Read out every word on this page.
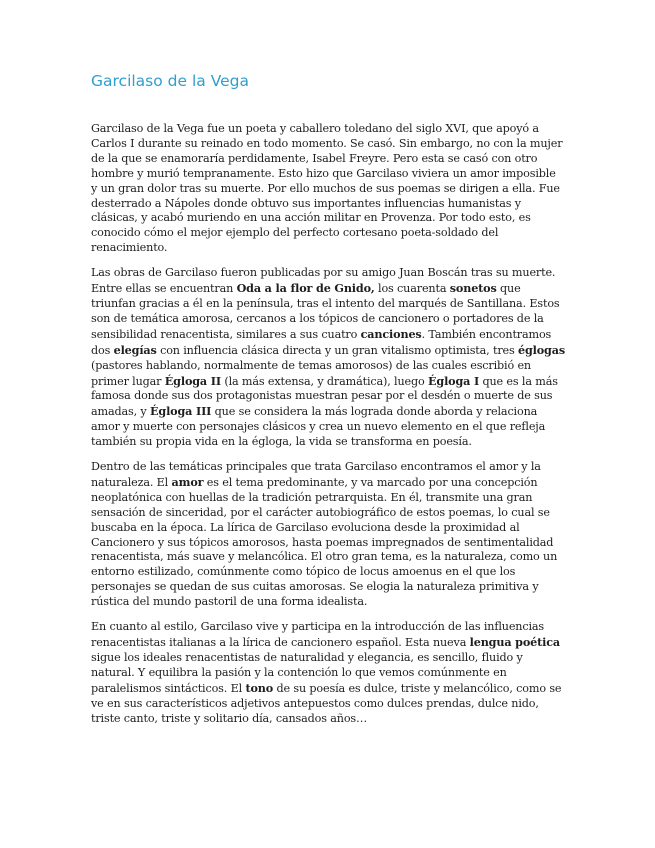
Garcilaso de la Vega

Garcilaso de la Vega fue un poeta y caballero toledano del siglo XVI, que apoyó a Carlos I durante su reinado en todo momento. Se casó. Sin embargo, no con la mujer de la que se enamoraría perdidamente, Isabel Freyre. Pero esta se casó con otro hombre y murió tempranamente. Esto hizo que Garcilaso viviera un amor imposible y un gran dolor tras su muerte. Por ello muchos de sus poemas se dirigen a ella. Fue desterrado a Nápoles donde obtuvo sus importantes influencias humanistas y clásicas, y acabó muriendo en una acción militar en Provenza. Por todo esto, es conocido cómo el mejor ejemplo del perfecto cortesano poeta-soldado del renacimiento.

Las obras de Garcilaso fueron publicadas por su amigo Juan Boscán tras su muerte. Entre ellas se encuentran Oda a la flor de Gnido, los cuarenta sonetos que triunfan gracias a él en la península, tras el intento del marqués de Santillana. Estos son de temática amorosa, cercanos a los tópicos de cancionero o portadores de la sensibilidad renacentista, similares a sus cuatro canciones. También encontramos dos elegías con influencia clásica directa y un gran vitalismo optimista, tres églogas (pastores hablando, normalmente de temas amorosos) de las cuales escribió en primer lugar Égloga II (la más extensa, y dramática), luego Égloga I que es la más famosa donde sus dos protagonistas muestran pesar por el desdén o muerte de sus amadas, y Égloga III que se considera la más lograda donde aborda y relaciona amor y muerte con personajes clásicos y crea un nuevo elemento en el que refleja también su propia vida en la égloga, la vida se transforma en poesía.

Dentro de las temáticas principales que trata Garcilaso encontramos el amor y la naturaleza. El amor es el tema predominante, y va marcado por una concepción neoplatónica con huellas de la tradición petrarquista. En él, transmite una gran sensación de sinceridad, por el carácter autobiográfico de estos poemas, lo cual se buscaba en la época. La lírica de Garcilaso evoluciona desde la proximidad al Cancionero y sus tópicos amorosos, hasta poemas impregnados de sentimentalidad renacentista, más suave y melancólica. El otro gran tema, es la naturaleza, como un entorno estilizado, comúnmente como tópico de locus amoenus en el que los personajes se quedan de sus cuitas amorosas. Se elogia la naturaleza primitiva y rústica del mundo pastoril de una forma idealista.

En cuanto al estilo, Garcilaso vive y participa en la introducción de las influencias renacentistas italianas a la lírica de cancionero español. Esta nueva lengua poética sigue los ideales renacentistas de naturalidad y elegancia, es sencillo, fluido y natural. Y equilibra la pasión y la contención lo que vemos comúnmente en paralelismos sintácticos. El tono de su poesía es dulce, triste y melancólico, como se ve en sus característicos adjetivos antepuestos como dulces prendas, dulce nido, triste canto, triste y solitario día, cansados años…
